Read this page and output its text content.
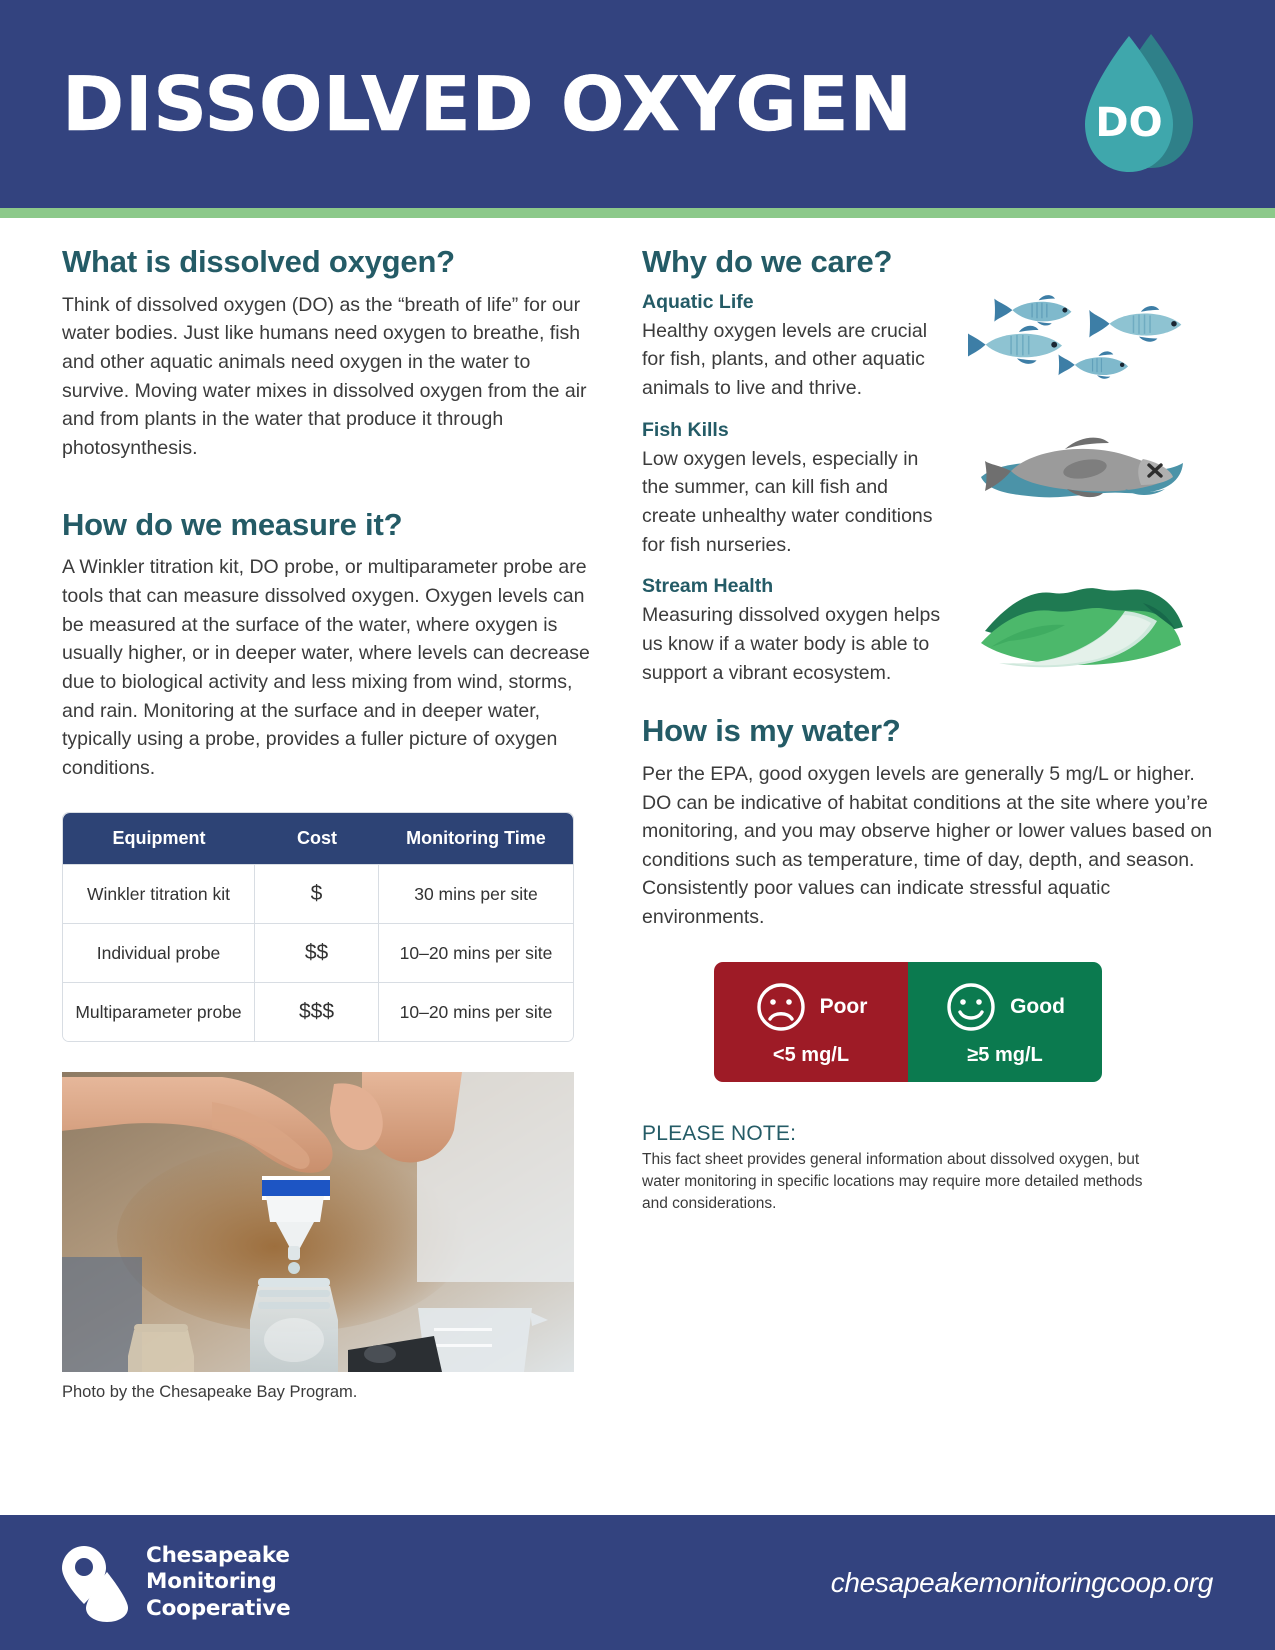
DISSOLVED OXYGEN	DO
What is dissolved oxygen?

Think of dissolved oxygen (DO) as the “breath of life” for our water bodies. Just like humans need oxygen to breathe, fish and other aquatic animals need oxygen in the water to survive. Moving water mixes in dissolved oxygen from the air and from plants in the water that produce it through photosynthesis.

How do we measure it?

A Winkler titration kit, DO probe, or multiparameter probe are tools that can measure dissolved oxygen. Oxygen levels can be measured at the surface of the water, where oxygen is usually higher, or in deeper water, where levels can decrease due to biological activity and less mixing from wind, storms, and rain. Monitoring at the surface and in deeper water, typically using a probe, provides a fuller picture of oxygen conditions.

Equipment	Cost	Monitoring Time
Winkler titration kit	$	30 mins per site
Individual probe	$$	10–20 mins per site
Multiparameter probe	$$$	10–20 mins per site
Photo by the Chesapeake Bay Program.
Why do we care?
Aquatic Life

Healthy oxygen levels are crucial for fish, plants, and other aquatic animals to live and thrive.

Fish Kills

Low oxygen levels, especially in the summer, can kill fish and create unhealthy water conditions for fish nurseries.

Stream Health

Measuring dissolved oxygen helps us know if a water body is able to support a vibrant ecosystem.

How is my water?

Per the EPA, good oxygen levels are generally 5 mg/L or higher. DO can be indicative of habitat conditions at the site where you’re monitoring, and you may observe higher or lower values based on conditions such as temperature, time of day, depth, and season. Consistently poor values can indicate stressful aquatic environments.

Poor
<5 mg/L
Good
≥5 mg/L
PLEASE NOTE:
This fact sheet provides general information about dissolved oxygen, but water monitoring in specific locations may require more detailed methods and considerations.
Chesapeake
Monitoring
Cooperative
chesapeakemonitoringcoop.org
